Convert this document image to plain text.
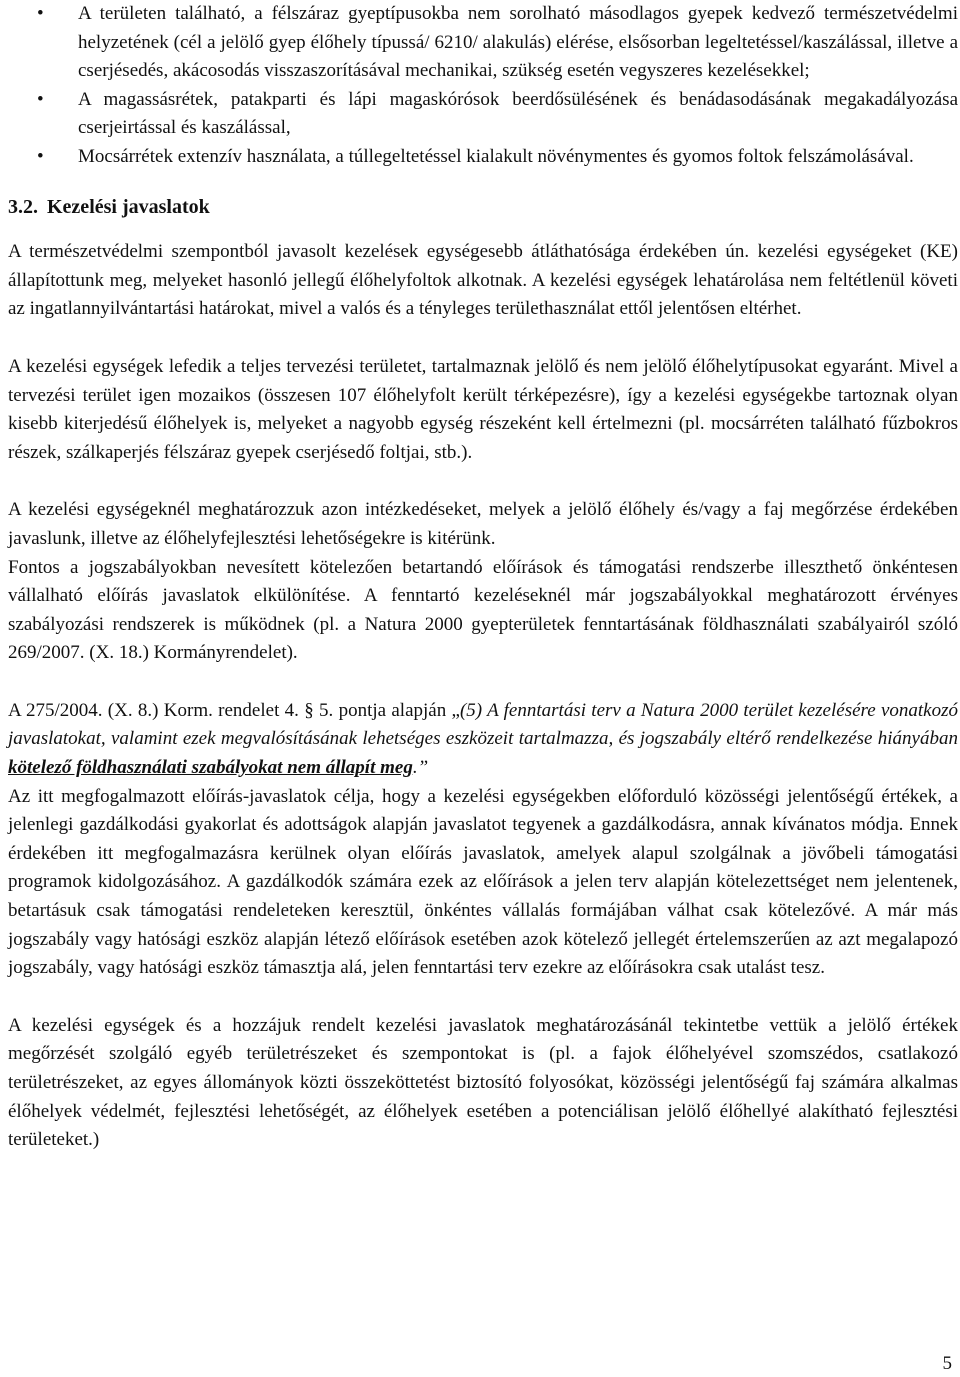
• A területen található, a félszáraz gyeptípusokba nem sorolható másodlagos gyepek kedvező természetvédelmi helyzetének (cél a jelölő gyep élőhely típussá/ 6210/ alakulás) elérése, elsősorban legeltetéssel/kaszálással, illetve a cserjésedés, akácosodás visszaszorításával mechanikai, szükség esetén vegyszeres kezelésekkel;
• A magassásrétek, patakparti és lápi magaskórósok beerdősülésének és benádasodásának megakadályozása cserjeirtással és kaszálással,
• Mocsárrétek extenzív használata, a túllegeltetéssel kialakult növénymentes és gyomos foltok felszámolásával.
3.2. Kezelési javaslatok

A természetvédelmi szempontból javasolt kezelések egységesebb átláthatósága érdekében ún. kezelési egységeket (KE) állapítottunk meg, melyeket hasonló jellegű élőhelyfoltok alkotnak. A kezelési egységek lehatárolása nem feltétlenül követi az ingatlannyilvántartási határokat, mivel a valós és a tényleges területhasználat ettől jelentősen eltérhet.

A kezelési egységek lefedik a teljes tervezési területet, tartalmaznak jelölő és nem jelölő élőhelytípusokat egyaránt. Mivel a tervezési terület igen mozaikos (összesen 107 élőhelyfolt került térképezésre), így a kezelési egységekbe tartoznak olyan kisebb kiterjedésű élőhelyek is, melyeket a nagyobb egység részeként kell értelmezni (pl. mocsárréten található fűzbokros részek, szálkaperjés félszáraz gyepek cserjésedő foltjai, stb.).

A kezelési egységeknél meghatározzuk azon intézkedéseket, melyek a jelölő élőhely és/vagy a faj megőrzése érdekében javaslunk, illetve az élőhelyfejlesztési lehetőségekre is kitérünk.

Fontos a jogszabályokban nevesített kötelezően betartandó előírások és támogatási rendszerbe illeszthető önkéntesen vállalható előírás javaslatok elkülönítése. A fenntartó kezeléseknél már jogszabályokkal meghatározott érvényes szabályozási rendszerek is működnek (pl. a Natura 2000 gyepterületek fenntartásának földhasználati szabályairól szóló 269/2007. (X. 18.) Kormányrendelet).

A 275/2004. (X. 8.) Korm. rendelet 4. § 5. pontja alapján „(5) A fenntartási terv a Natura 2000 terület kezelésére vonatkozó javaslatokat, valamint ezek megvalósításának lehetséges eszközeit tartalmazza, és jogszabály eltérő rendelkezése hiányában kötelező földhasználati szabályokat nem állapít meg.”

Az itt megfogalmazott előírás-javaslatok célja, hogy a kezelési egységekben előforduló közösségi jelentőségű értékek, a jelenlegi gazdálkodási gyakorlat és adottságok alapján javaslatot tegyenek a gazdálkodásra, annak kívánatos módja. Ennek érdekében itt megfogalmazásra kerülnek olyan előírás javaslatok, amelyek alapul szolgálnak a jövőbeli támogatási programok kidolgozásához. A gazdálkodók számára ezek az előírások a jelen terv alapján kötelezettséget nem jelentenek, betartásuk csak támogatási rendeleteken keresztül, önkéntes vállalás formájában válhat csak kötelezővé. A már más jogszabály vagy hatósági eszköz alapján létező előírások esetében azok kötelező jellegét értelemszerűen az azt megalapozó jogszabály, vagy hatósági eszköz támasztja alá, jelen fenntartási terv ezekre az előírásokra csak utalást tesz.

A kezelési egységek és a hozzájuk rendelt kezelési javaslatok meghatározásánál tekintetbe vettük a jelölő értékek megőrzését szolgáló egyéb területrészeket és szempontokat is (pl. a fajok élőhelyével szomszédos, csatlakozó területrészeket, az egyes állományok közti összeköttetést biztosító folyosókat, közösségi jelentőségű faj számára alkalmas élőhelyek védelmét, fejlesztési lehetőségét, az élőhelyek esetében a potenciálisan jelölő élőhellyé alakítható fejlesztési területeket.)

5
